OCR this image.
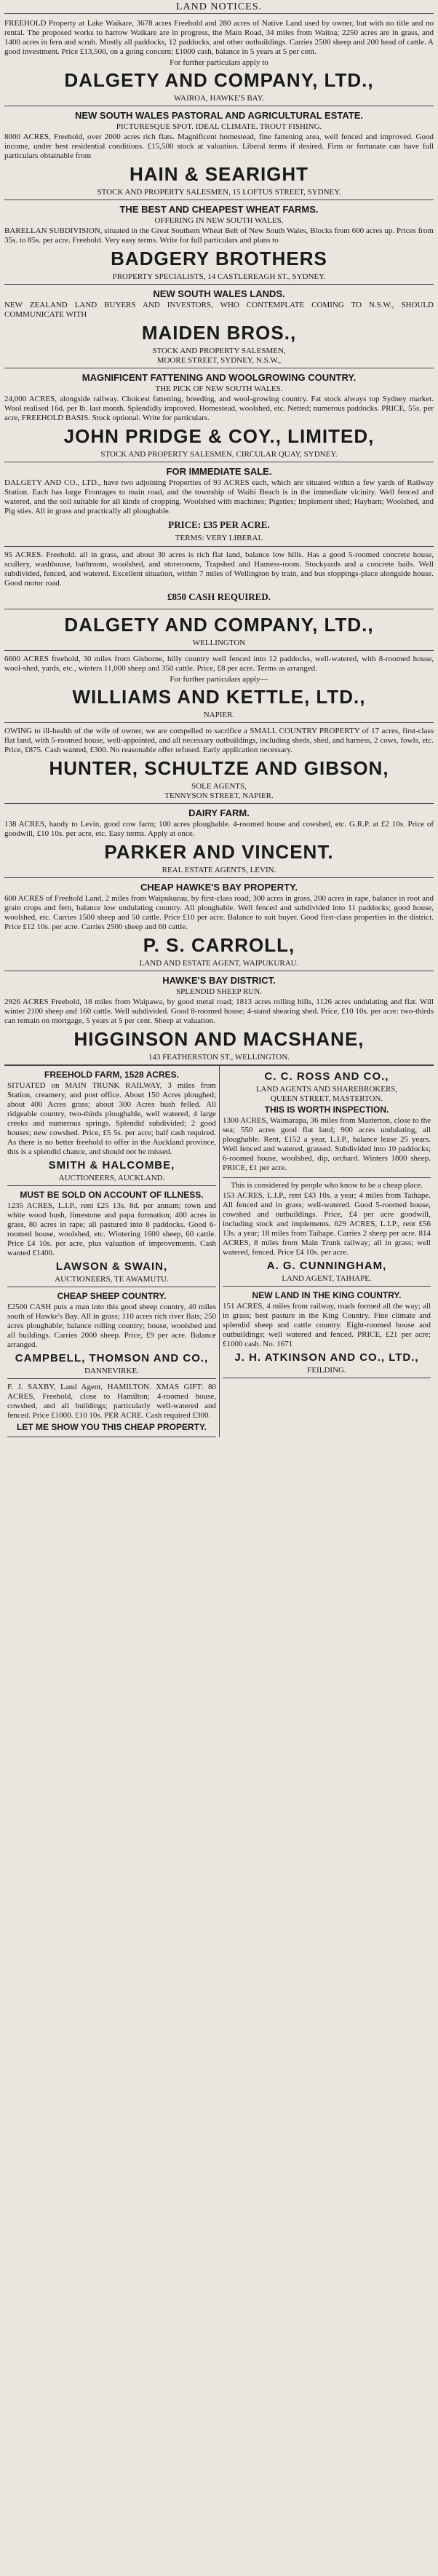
LAND NOTICES.

FREEHOLD Property at Lake Waikare, 3678 acres Freehold and 280 acres of Native Land used by owner, but with no title and no rental. The proposed works to harrow Waikare are in progress, the Main Road, 34 miles from Waitoa; 2250 acres are in grass, and 1400 acres in fern and scrub. Mostly all paddocks, 12 paddocks, and other outbuildings. Carries 2500 sheep and 200 head of cattle. A good investment. Price £13,500, on a going concern; £1000 cash, balance in 5 years at 5 per cent.

For further particulars apply to

DALGETY AND COMPANY, LTD.,

WAIROA, HAWKE'S BAY.

NEW SOUTH WALES PASTORAL AND AGRICULTURAL ESTATE.

PICTURESQUE SPOT. IDEAL CLIMATE. TROUT FISHING.

8000 ACRES, Freehold, over 2000 acres rich flats. Magnificent homestead, fine fattening area, well fenced and improved. Good income, under best residential conditions. £15,500 stock at valuation. Liberal terms if desired. Firm or fortunate can have full particulars obtainable from

HAIN & SEARIGHT

STOCK AND PROPERTY SALESMEN, 15 LOFTUS STREET, SYDNEY.

THE BEST AND CHEAPEST WHEAT FARMS.

OFFERING IN NEW SOUTH WALES.

BARELLAN SUBDIVISION, situated in the Great Southern Wheat Belt of New South Wales, Blocks from 600 acres up. Prices from 35s. to 85s. per acre. Freehold. Very easy terms. Write for full particulars and plans to

BADGERY BROTHERS

PROPERTY SPECIALISTS, 14 CASTLEREAGH ST., SYDNEY.

NEW SOUTH WALES LANDS.

NEW ZEALAND LAND BUYERS AND INVESTORS, WHO CONTEMPLATE COMING TO N.S.W., SHOULD COMMUNICATE WITH

MAIDEN BROS.,

STOCK AND PROPERTY SALESMEN,

MOORE STREET, SYDNEY, N.S.W.,

MAGNIFICENT FATTENING AND WOOLGROWING COUNTRY.

THE PICK OF NEW SOUTH WALES.

24,000 ACRES, alongside railway. Choicest fattening, breeding, and wool-growing country. Fat stock always top Sydney market. Wool realised 16d. per lb. last month. Splendidly improved. Homestead, woolshed, etc. Netted; numerous paddocks. PRICE, 55s. per acre, FREEHOLD BASIS. Stock optional. Write for particulars.

JOHN PRIDGE & COY., LIMITED,

STOCK AND PROPERTY SALESMEN, CIRCULAR QUAY, SYDNEY.

FOR IMMEDIATE SALE.

DALGETY AND CO., LTD., have two adjoining Properties of 93 ACRES each, which are situated within a few yards of Railway Station. Each has large Frontages to main road, and the township of Waihi Beach is in the immediate vicinity. Well fenced and watered, and the soil suitable for all kinds of cropping. Woolshed with machines; Pigsties; Implement shed; Haybarn; Woolshed, and Pig sties. All in grass and practically all ploughable.

PRICE: £35 PER ACRE.

TERMS: VERY LIBERAL

95 ACRES. Freehold. all in grass, and about 30 acres is rich flat land, balance low hills. Has a good 5-roomed concrete house, scullery, washhouse, bathroom, woolshed, and storerooms, Trapshed and Harness-room. Stockyards and a concrete bails. Well subdivided, fenced, and watered. Excellent situation, within 7 miles of Wellington by train, and bus stoppings-place alongside house. Good motor road.

£850 CASH REQUIRED.

DALGETY AND COMPANY, LTD.,

WELLINGTON

6600 ACRES freehold, 30 miles from Gisborne, hilly country well fenced into 12 paddocks, well-watered, with 8-roomed house, wool-shed, yards, etc., winters 11,000 sheep and 350 cattle. Price, £8 per acre. Terms as arranged.

For further particulars apply—

WILLIAMS AND KETTLE, LTD.,

NAPIER.

OWING to ill-health of the wife of owner, we are compelled to sacrifice a SMALL COUNTRY PROPERTY of 17 acres, first-class flat land, with 5-roomed house, well-appointed, and all necessary outbuildings, including sheds, shed, and harness, 2 cows, fowls, etc. Price, £875. Cash wanted, £300. No reasonable offer refused. Early application necessary.

HUNTER, SCHULTZE AND GIBSON,

SOLE AGENTS,

TENNYSON STREET, NAPIER.

DAIRY FARM.

138 ACRES, handy to Levin, good cow farm; 100 acres ploughable. 4-roomed house and cowshed, etc. G.R.P. at £2 10s. Price of goodwill, £10 10s. per acre, etc. Easy terms. Apply at once.

PARKER AND VINCENT.

REAL ESTATE AGENTS, LEVIN.

CHEAP HAWKE'S BAY PROPERTY.

600 ACRES of Freehold Land, 2 miles from Waipukurau, by first-class road; 300 acres in grass, 200 acres in rape, balance in root and grain crops and fern, balance low undulating country. All ploughable. Well fenced and subdivided into 11 paddocks; good house, woolshed, etc. Carries 1500 sheep and 50 cattle. Price £10 per acre. Balance to suit buyer. Good first-class properties in the district. Price £12 10s. per acre. Carries 2500 sheep and 60 cattle.

P. S. CARROLL,

LAND AND ESTATE AGENT, WAIPUKURAU.

HAWKE'S BAY DISTRICT.

SPLENDID SHEEP RUN.

2926 ACRES Freehold, 18 miles from Waipawa, by good metal road; 1813 acres rolling hills, 1126 acres undulating and flat. Will winter 2100 sheep and 160 cattle. Well subdivided. Good 8-roomed house; 4-stand shearing shed. Price, £10 10s. per acre: two-thirds can remain on mortgage, 5 years at 5 per cent. Sheep at valuation.

HIGGINSON AND MACSHANE,

143 FEATHERSTON ST., WELLINGTON.

FREEHOLD FARM, 1528 ACRES.

SITUATED on MAIN TRUNK RAILWAY, 3 miles from Station, creamery, and post office. About 150 Acres ploughed; about 400 Acres grass; about 300 Acres bush felled. All ridgeable country, two-thirds ploughable, well watered, 4 large creeks and numerous springs. Splendid subdivided; 2 good houses; new cowshed. Price, £5 5s. per acre; half cash required. As there is no better freehold to offer in the Auckland province, this is a splendid chance, and should not be missed.

SMITH & HALCOMBE,

AUCTIONEERS, AUCKLAND.

MUST BE SOLD ON ACCOUNT OF ILLNESS.

1235 ACRES, L.I.P., rent £25 13s. 8d. per annum; town and white wood bush, limestone and papa formation; 400 acres in grass, 80 acres in rape; all pastured into 8 paddocks. Good 6-roomed house, woolshed, etc. Wintering 1600 sheep, 60 cattle. Price £4 10s. per acre, plus valuation of improvements. Cash wanted £1400.

LAWSON & SWAIN,

AUCTIONEERS, TE AWAMUTU.

CHEAP SHEEP COUNTRY.

£2500 CASH puts a man into this good sheep country, 40 miles south of Hawke's Bay. All in grass; 110 acres rich river flats; 250 acres ploughable; balance rolling country; house, woolshed and all buildings. Carries 2000 sheep. Price, £9 per acre. Balance arranged.

CAMPBELL, THOMSON AND CO.,

DANNEVIRKE.

F. J. SAXBY, Land Agent, HAMILTON. XMAS GIFT: 80 ACRES, Freehold, close to Hamilton; 4-roomed house, cowshed, and all buildings; particularly well-watered and fenced. Price £1000. £10 10s. PER ACRE. Cash required £300.

LET ME SHOW YOU THIS CHEAP PROPERTY.

C. C. ROSS AND CO.,

LAND AGENTS AND SHAREBROKERS,

QUEEN STREET, MASTERTON.

THIS IS WORTH INSPECTION.

1300 ACRES, Waimarapa, 36 miles from Masterton, close to the sea; 550 acres good flat land; 900 acres undulating, all ploughable. Rent, £152 a year, L.I.P., balance lease 25 years. Well fenced and watered, grassed. Subdivided into 10 paddocks; 6-roomed house, woolshed, dip, orchard. Winters 1800 sheep. PRICE, £1 per acre.

This is considered by people who know to be a cheap place.

153 ACRES, L.I.P., rent £43 10s. a year; 4 miles from Taihape. All fenced and in grass; well-watered. Good 5-roomed house, cowshed and outbuildings. Price, £4 per acre goodwill, including stock and implements. 629 ACRES, L.I.P., rent £56 13s. a year; 18 miles from Taihape. Carries 2 sheep per acre. 814 ACRES, 8 miles from Main Trunk railway; all in grass; well watered, fenced. Price £4 10s. per acre.

A. G. CUNNINGHAM,

LAND AGENT, TAIHAPE.

NEW LAND IN THE KING COUNTRY.

151 ACRES, 4 miles from railway, roads formed all the way; all in grass; best pasture in the King Country. Fine climate and splendid sheep and cattle country. Eight-roomed house and outbuildings; well watered and fenced. PRICE, £21 per acre; £1000 cash. No. 1671

J. H. ATKINSON AND CO., LTD.,

FEILDING.
